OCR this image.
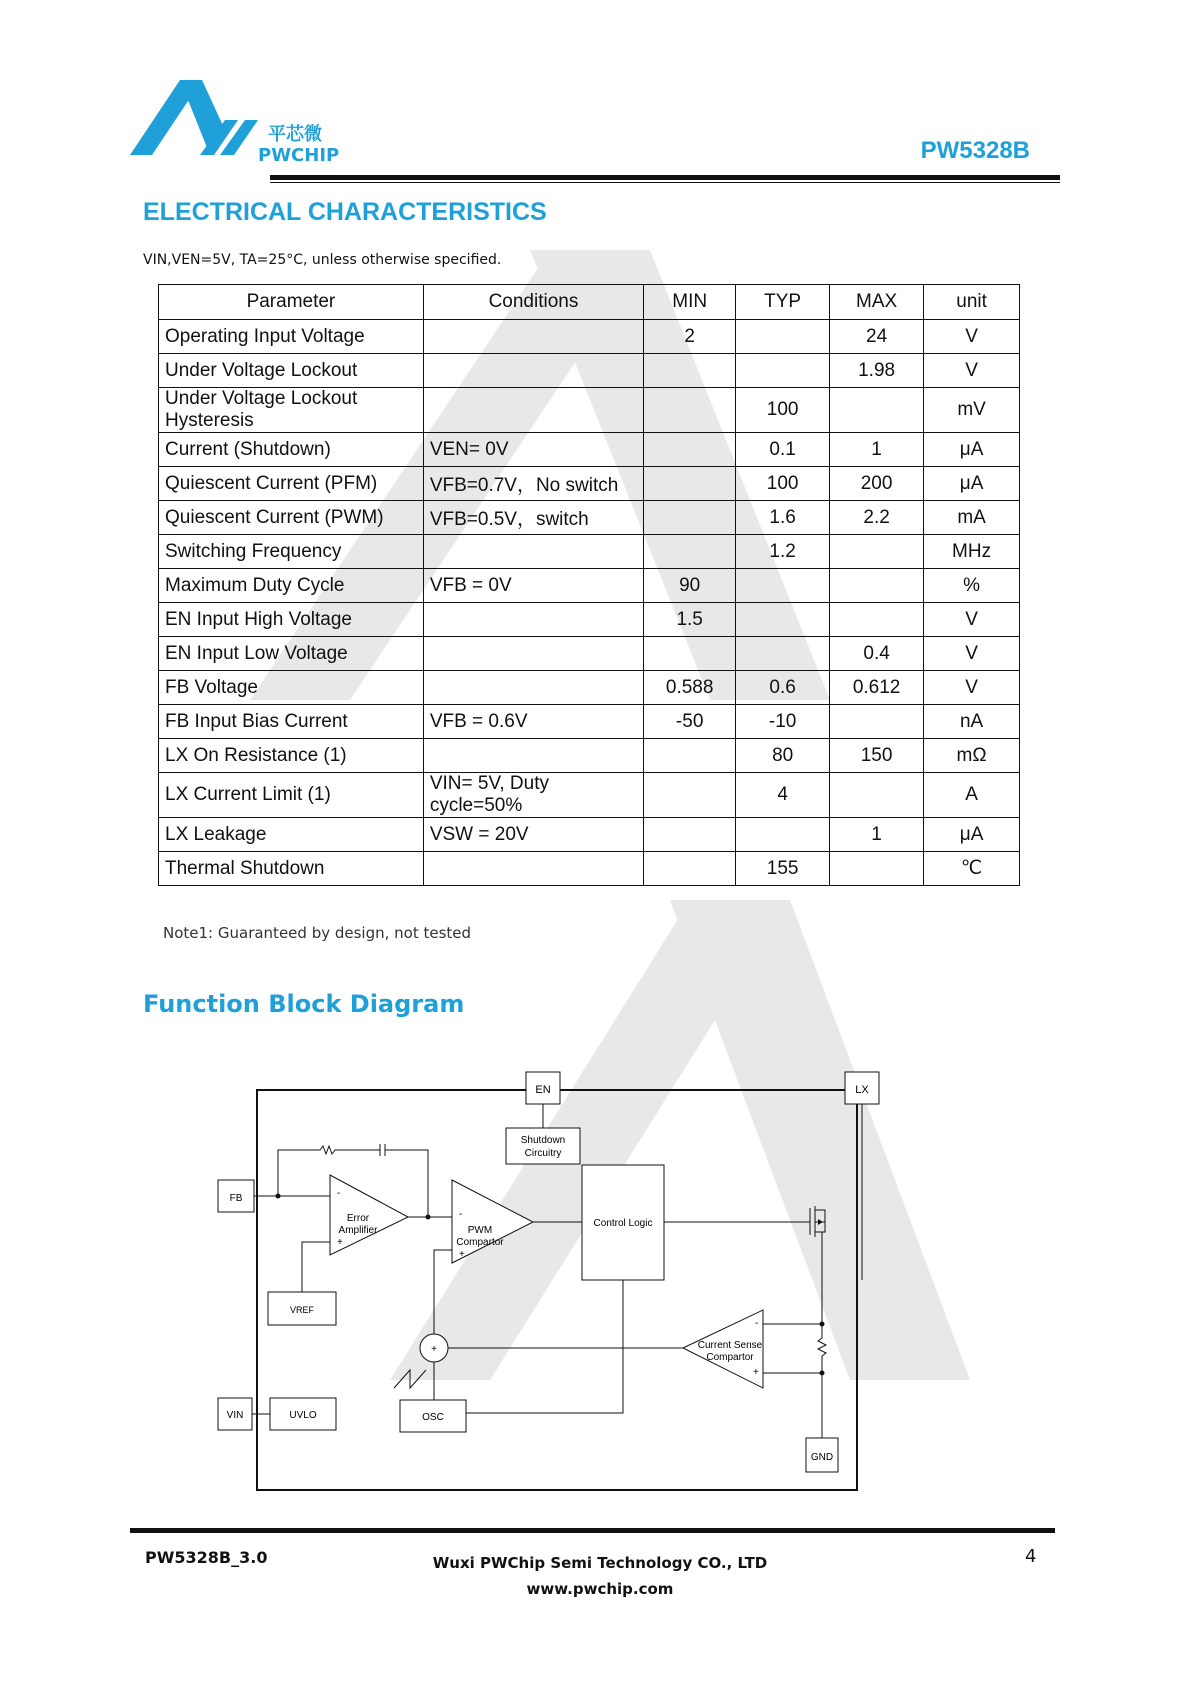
平芯微
PWCHIP	PW5328B
ELECTRICAL CHARACTERISTICS
VIN,VEN=5V, TA=25°C, unless otherwise specified.
Parameter	Conditions	MIN	TYP	MAX	unit
Operating Input Voltage		2		24	V
Under Voltage Lockout				1.98	V
Under Voltage Lockout Hysteresis			100		mV
Current (Shutdown)	VEN= 0V		0.1	1	μA
Quiescent Current (PFM)	VFB=0.7V，No switch		100	200	μA
Quiescent Current (PWM)	VFB=0.5V，switch		1.6	2.2	mA
Switching Frequency			1.2		MHz
Maximum Duty Cycle	VFB = 0V	90			%
EN Input High Voltage		1.5			V
EN Input Low Voltage				0.4	V
FB Voltage		0.588	0.6	0.612	V
FB Input Bias Current	VFB = 0.6V	-50	-10		nA
LX On Resistance (1)			80	150	mΩ
LX Current Limit (1)	VIN= 5V, Duty cycle=50%		4		A
LX Leakage	VSW = 20V			1	μA
Thermal Shutdown			155		℃
Note1: Guaranteed by design, not tested
Function Block Diagram
EN
Shutdown
Circuitry
LX
FB	-
+
Error
Amplifier
VREF
-
+
PWM
Compartor
Control Logic
+
-
+
Current Sense
Compartor
GND
VIN	UVLO	OSC
PW5328B_3.0	Wuxi PWChip Semi Technology CO., LTD
www.pwchip.com
4
